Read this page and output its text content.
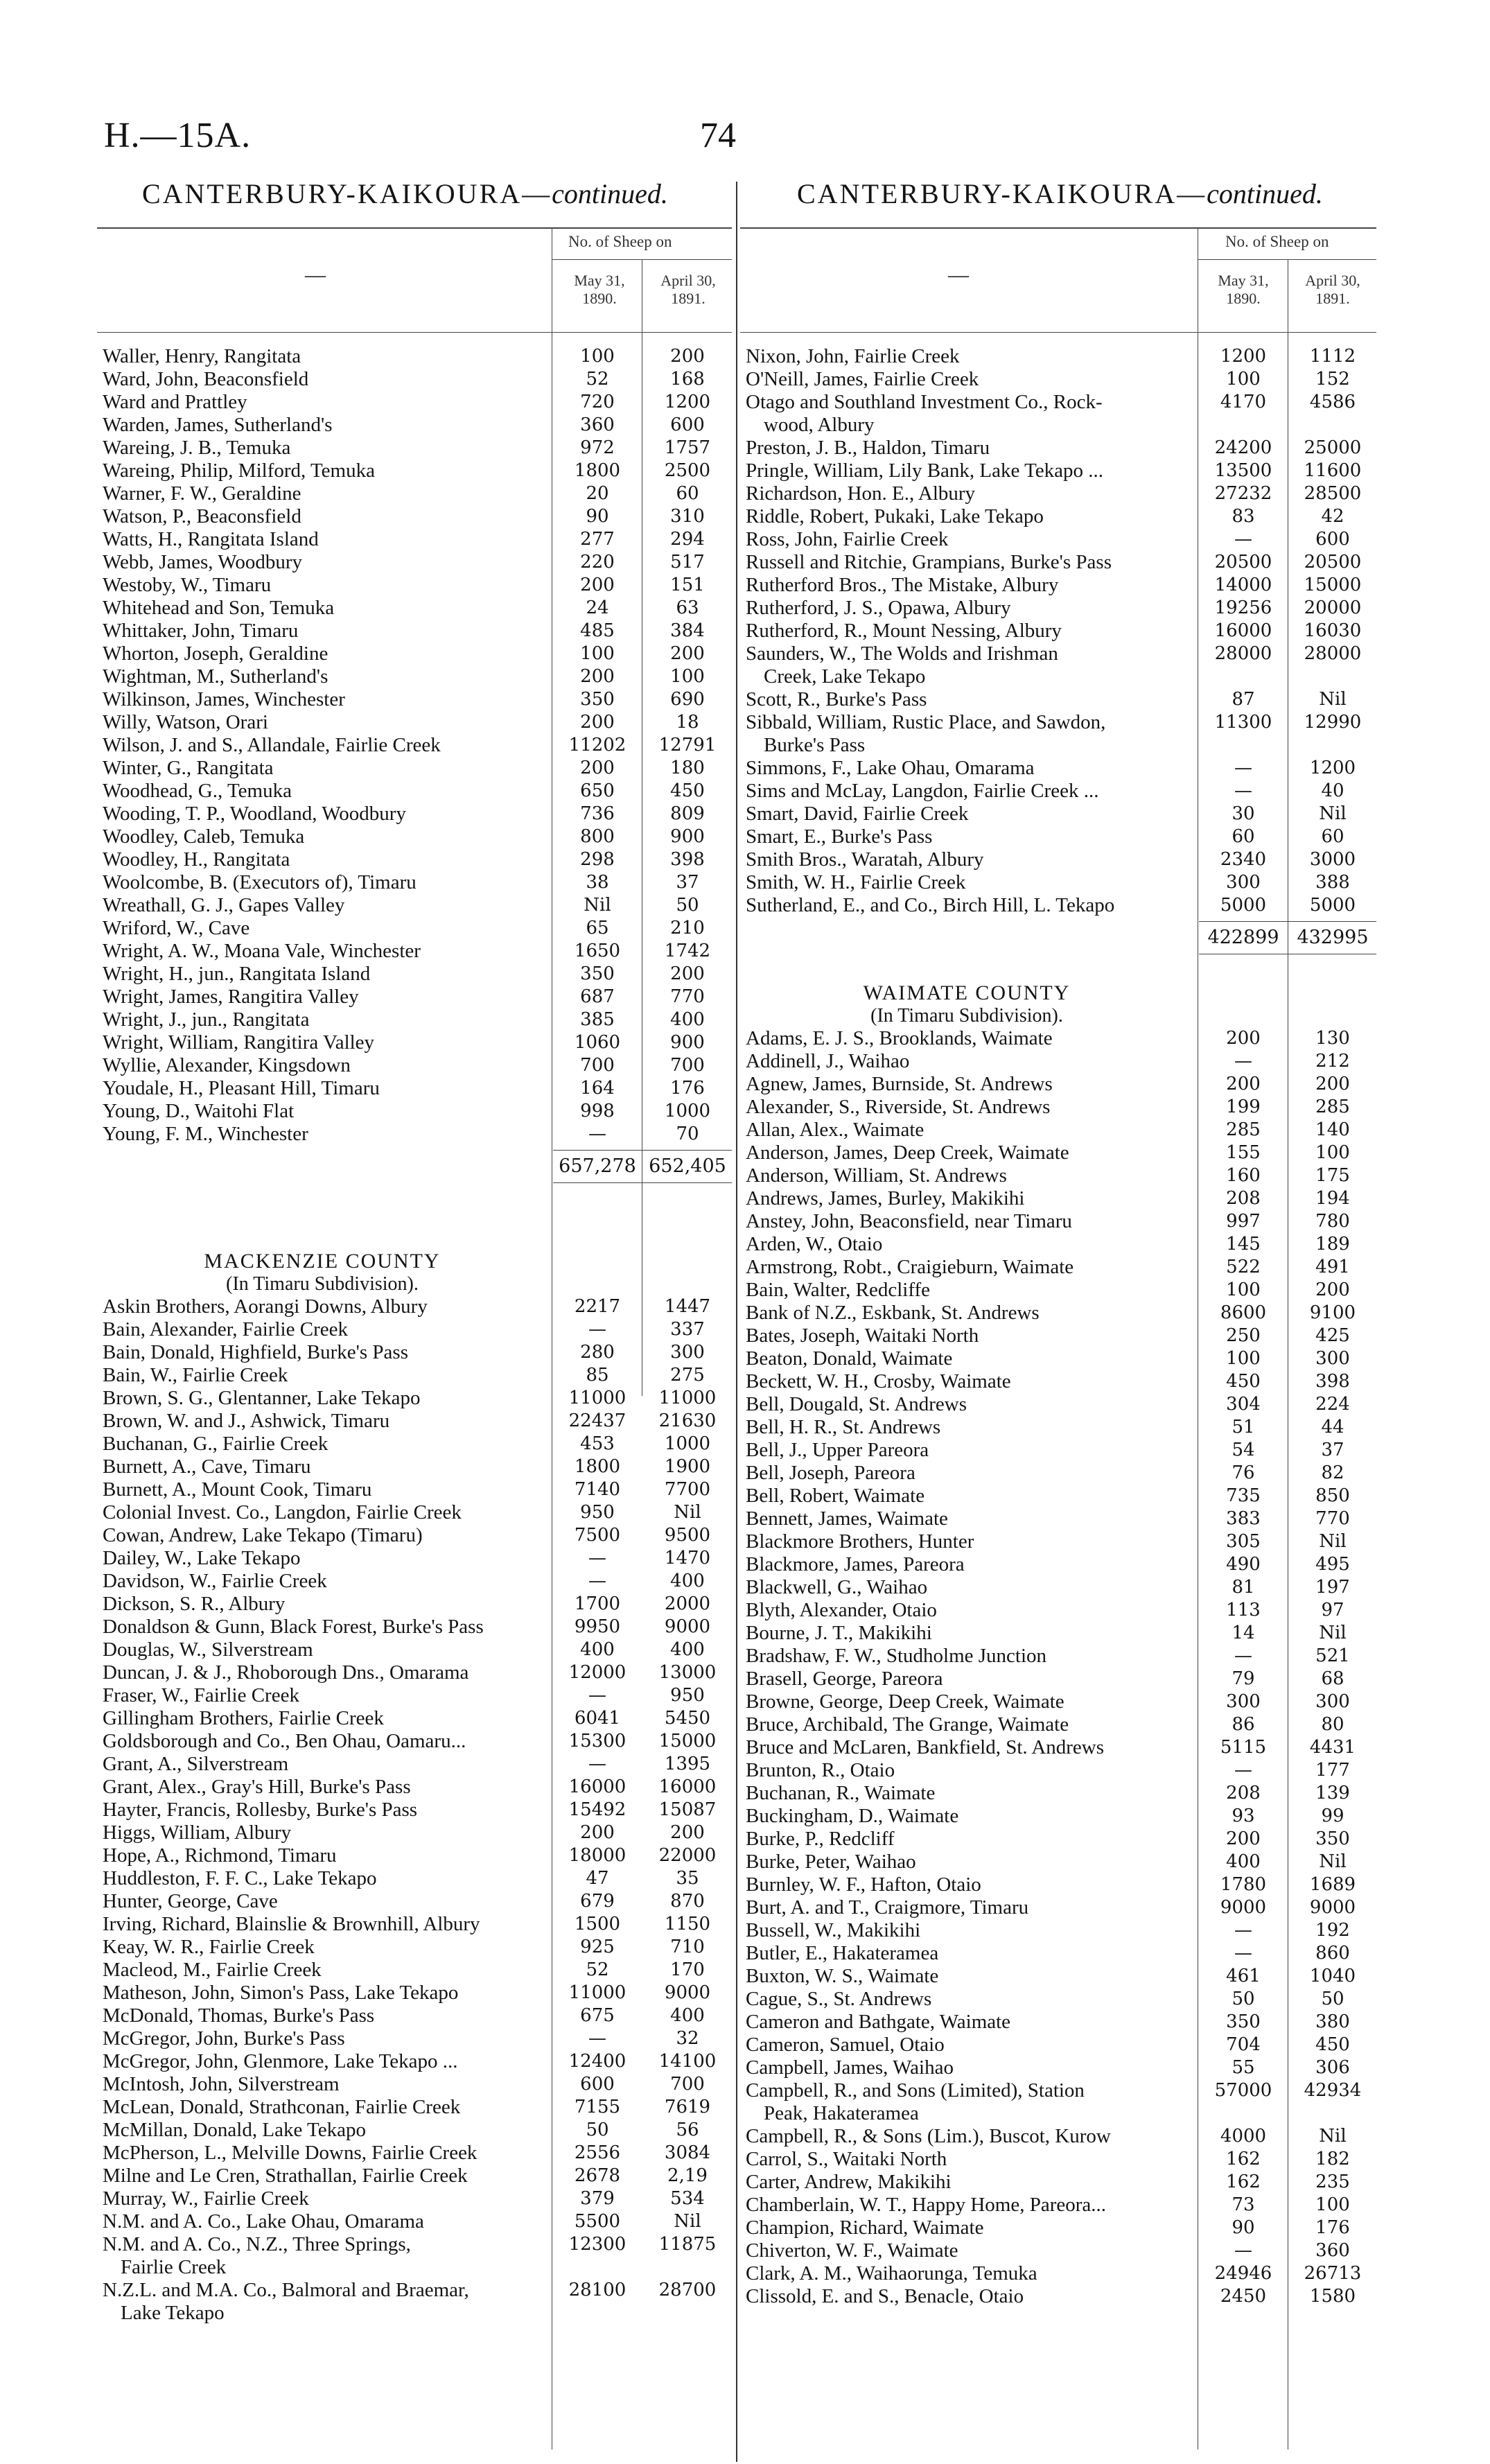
H.—15A.	74
CANTERBURY-KAIKOURA—continued.	CANTERBURY-KAIKOURA—continued.
—
No. of Sheep on
May 31,
1890.
April 30,
1891.
Waller, Henry, Rangitata	100	200
Ward, John, Beaconsfield	52	168
Ward and Prattley	720	1200
Warden, James, Sutherland's	360	600
Wareing, J. B., Temuka	972	1757
Wareing, Philip, Milford, Temuka	1800	2500
Warner, F. W., Geraldine	20	60
Watson, P., Beaconsfield	90	310
Watts, H., Rangitata Island	277	294
Webb, James, Woodbury	220	517
Westoby, W., Timaru	200	151
Whitehead and Son, Temuka	24	63
Whittaker, John, Timaru	485	384
Whorton, Joseph, Geraldine	100	200
Wightman, M., Sutherland's	200	100
Wilkinson, James, Winchester	350	690
Willy, Watson, Orari	200	18
Wilson, J. and S., Allandale, Fairlie Creek	11202	12791
Winter, G., Rangitata	200	180
Woodhead, G., Temuka	650	450
Wooding, T. P., Woodland, Woodbury	736	809
Woodley, Caleb, Temuka	800	900
Woodley, H., Rangitata	298	398
Woolcombe, B. (Executors of), Timaru	38	37
Wreathall, G. J., Gapes Valley	Nil	50
Wriford, W., Cave	65	210
Wright, A. W., Moana Vale, Winchester	1650	1742
Wright, H., jun., Rangitata Island	350	200
Wright, James, Rangitira Valley	687	770
Wright, J., jun., Rangitata	385	400
Wright, William, Rangitira Valley	1060	900
Wyllie, Alexander, Kingsdown	700	700
Youdale, H., Pleasant Hill, Timaru	164	176
Young, D., Waitohi Flat	998	1000
Young, F. M., Winchester	—	70
657,278 652,405
MACKENZIE COUNTY
(In Timaru Subdivision).
Askin Brothers, Aorangi Downs, Albury	2217	1447
Bain, Alexander, Fairlie Creek	—	337
Bain, Donald, Highfield, Burke's Pass	280	300
Bain, W., Fairlie Creek	85	275
Brown, S. G., Glentanner, Lake Tekapo	11000	11000
Brown, W. and J., Ashwick, Timaru	22437	21630
Buchanan, G., Fairlie Creek	453	1000
Burnett, A., Cave, Timaru	1800	1900
Burnett, A., Mount Cook, Timaru	7140	7700
Colonial Invest. Co., Langdon, Fairlie Creek	950	Nil
Cowan, Andrew, Lake Tekapo (Timaru)	7500	9500
Dailey, W., Lake Tekapo	—	1470
Davidson, W., Fairlie Creek	—	400
Dickson, S. R., Albury	1700	2000
Donaldson & Gunn, Black Forest, Burke's Pass	9950	9000
Douglas, W., Silverstream	400	400
Duncan, J. & J., Rhoborough Dns., Omarama	12000	13000
Fraser, W., Fairlie Creek	—	950
Gillingham Brothers, Fairlie Creek	6041	5450
Goldsborough and Co., Ben Ohau, Oamaru...	15300	15000
Grant, A., Silverstream	—	1395
Grant, Alex., Gray's Hill, Burke's Pass	16000	16000
Hayter, Francis, Rollesby, Burke's Pass	15492	15087
Higgs, William, Albury	200	200
Hope, A., Richmond, Timaru	18000	22000
Huddleston, F. F. C., Lake Tekapo	47	35
Hunter, George, Cave	679	870
Irving, Richard, Blainslie & Brownhill, Albury	1500	1150
Keay, W. R., Fairlie Creek	925	710
Macleod, M., Fairlie Creek	52	170
Matheson, John, Simon's Pass, Lake Tekapo	11000	9000
McDonald, Thomas, Burke's Pass	675	400
McGregor, John, Burke's Pass	—	32
McGregor, John, Glenmore, Lake Tekapo ...	12400	14100
McIntosh, John, Silverstream	600	700
McLean, Donald, Strathconan, Fairlie Creek	7155	7619
McMillan, Donald, Lake Tekapo	50	56
McPherson, L., Melville Downs, Fairlie Creek	2556	3084
Milne and Le Cren, Strathallan, Fairlie Creek	2678	2,19
Murray, W., Fairlie Creek	379	534
N.M. and A. Co., Lake Ohau, Omarama	5500	Nil
N.M. and A. Co., N.Z., Three Springs,	12300	11875
Fairlie Creek
N.Z.L. and M.A. Co., Balmoral and Braemar,	28100	28700
Lake Tekapo
—
No. of Sheep on
May 31,
1890.
April 30,
1891.
Nixon, John, Fairlie Creek	1200	1112
O'Neill, James, Fairlie Creek	100	152
Otago and Southland Investment Co., Rock-	4170	4586
wood, Albury
Preston, J. B., Haldon, Timaru	24200	25000
Pringle, William, Lily Bank, Lake Tekapo ...	13500	11600
Richardson, Hon. E., Albury	27232	28500
Riddle, Robert, Pukaki, Lake Tekapo	83	42
Ross, John, Fairlie Creek	—	600
Russell and Ritchie, Grampians, Burke's Pass	20500	20500
Rutherford Bros., The Mistake, Albury	14000	15000
Rutherford, J. S., Opawa, Albury	19256	20000
Rutherford, R., Mount Nessing, Albury	16000	16030
Saunders, W., The Wolds and Irishman	28000	28000
Creek, Lake Tekapo
Scott, R., Burke's Pass	87	Nil
Sibbald, William, Rustic Place, and Sawdon,	11300	12990
Burke's Pass
Simmons, F., Lake Ohau, Omarama	—	1200
Sims and McLay, Langdon, Fairlie Creek ...	—	40
Smart, David, Fairlie Creek	30	Nil
Smart, E., Burke's Pass	60	60
Smith Bros., Waratah, Albury	2340	3000
Smith, W. H., Fairlie Creek	300	388
Sutherland, E., and Co., Birch Hill, L. Tekapo	5000	5000
422899 432995
WAIMATE COUNTY
(In Timaru Subdivision).
Adams, E. J. S., Brooklands, Waimate	200	130
Addinell, J., Waihao	—	212
Agnew, James, Burnside, St. Andrews	200	200
Alexander, S., Riverside, St. Andrews	199	285
Allan, Alex., Waimate	285	140
Anderson, James, Deep Creek, Waimate	155	100
Anderson, William, St. Andrews	160	175
Andrews, James, Burley, Makikihi	208	194
Anstey, John, Beaconsfield, near Timaru	997	780
Arden, W., Otaio	145	189
Armstrong, Robt., Craigieburn, Waimate	522	491
Bain, Walter, Redcliffe	100	200
Bank of N.Z., Eskbank, St. Andrews	8600	9100
Bates, Joseph, Waitaki North	250	425
Beaton, Donald, Waimate	100	300
Beckett, W. H., Crosby, Waimate	450	398
Bell, Dougald, St. Andrews	304	224
Bell, H. R., St. Andrews	51	44
Bell, J., Upper Pareora	54	37
Bell, Joseph, Pareora	76	82
Bell, Robert, Waimate	735	850
Bennett, James, Waimate	383	770
Blackmore Brothers, Hunter	305	Nil
Blackmore, James, Pareora	490	495
Blackwell, G., Waihao	81	197
Blyth, Alexander, Otaio	113	97
Bourne, J. T., Makikihi	14	Nil
Bradshaw, F. W., Studholme Junction	—	521
Brasell, George, Pareora	79	68
Browne, George, Deep Creek, Waimate	300	300
Bruce, Archibald, The Grange, Waimate	86	80
Bruce and McLaren, Bankfield, St. Andrews	5115	4431
Brunton, R., Otaio	—	177
Buchanan, R., Waimate	208	139
Buckingham, D., Waimate	93	99
Burke, P., Redcliff	200	350
Burke, Peter, Waihao	400	Nil
Burnley, W. F., Hafton, Otaio	1780	1689
Burt, A. and T., Craigmore, Timaru	9000	9000
Bussell, W., Makikihi	—	192
Butler, E., Hakateramea	—	860
Buxton, W. S., Waimate	461	1040
Cague, S., St. Andrews	50	50
Cameron and Bathgate, Waimate	350	380
Cameron, Samuel, Otaio	704	450
Campbell, James, Waihao	55	306
Campbell, R., and Sons (Limited), Station	57000	42934
Peak, Hakateramea
Campbell, R., & Sons (Lim.), Buscot, Kurow	4000	Nil
Carrol, S., Waitaki North	162	182
Carter, Andrew, Makikihi	162	235
Chamberlain, W. T., Happy Home, Pareora...	73	100
Champion, Richard, Waimate	90	176
Chiverton, W. F., Waimate	—	360
Clark, A. M., Waihaorunga, Temuka	24946	26713
Clissold, E. and S., Benacle, Otaio	2450	1580
